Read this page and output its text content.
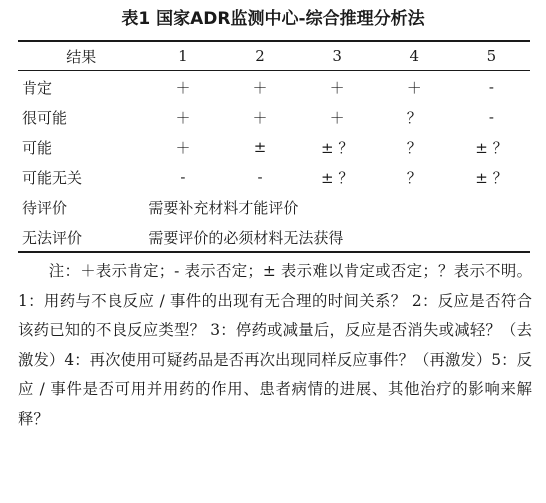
表1 国家ADR监测中心-综合推理分析法
结果	1	2	3	4	5
肯定	＋	＋	＋	＋	-
很可能	＋	＋	＋	？	-
可能	＋	±	± ？	？	± ？
可能无关	-	-	± ？	？	± ？
待评价	需要补充材料才能评价				
无法评价	需要评价的必须材料无法获得				

注：＋表示肯定；- 表示否定；± 表示难以肯定或否定；？表示不明。1：用药与不良反应 / 事件的出现有无合理的时间关系？ 2：反应是否符合该药已知的不良反应类型？ 3：停药或减量后，反应是否消失或减轻？（去激发）4：再次使用可疑药品是否再次出现同样反应事件？（再激发）5：反应 / 事件是否可用并用药的作用、患者病情的进展、其他治疗的影响来解释？
